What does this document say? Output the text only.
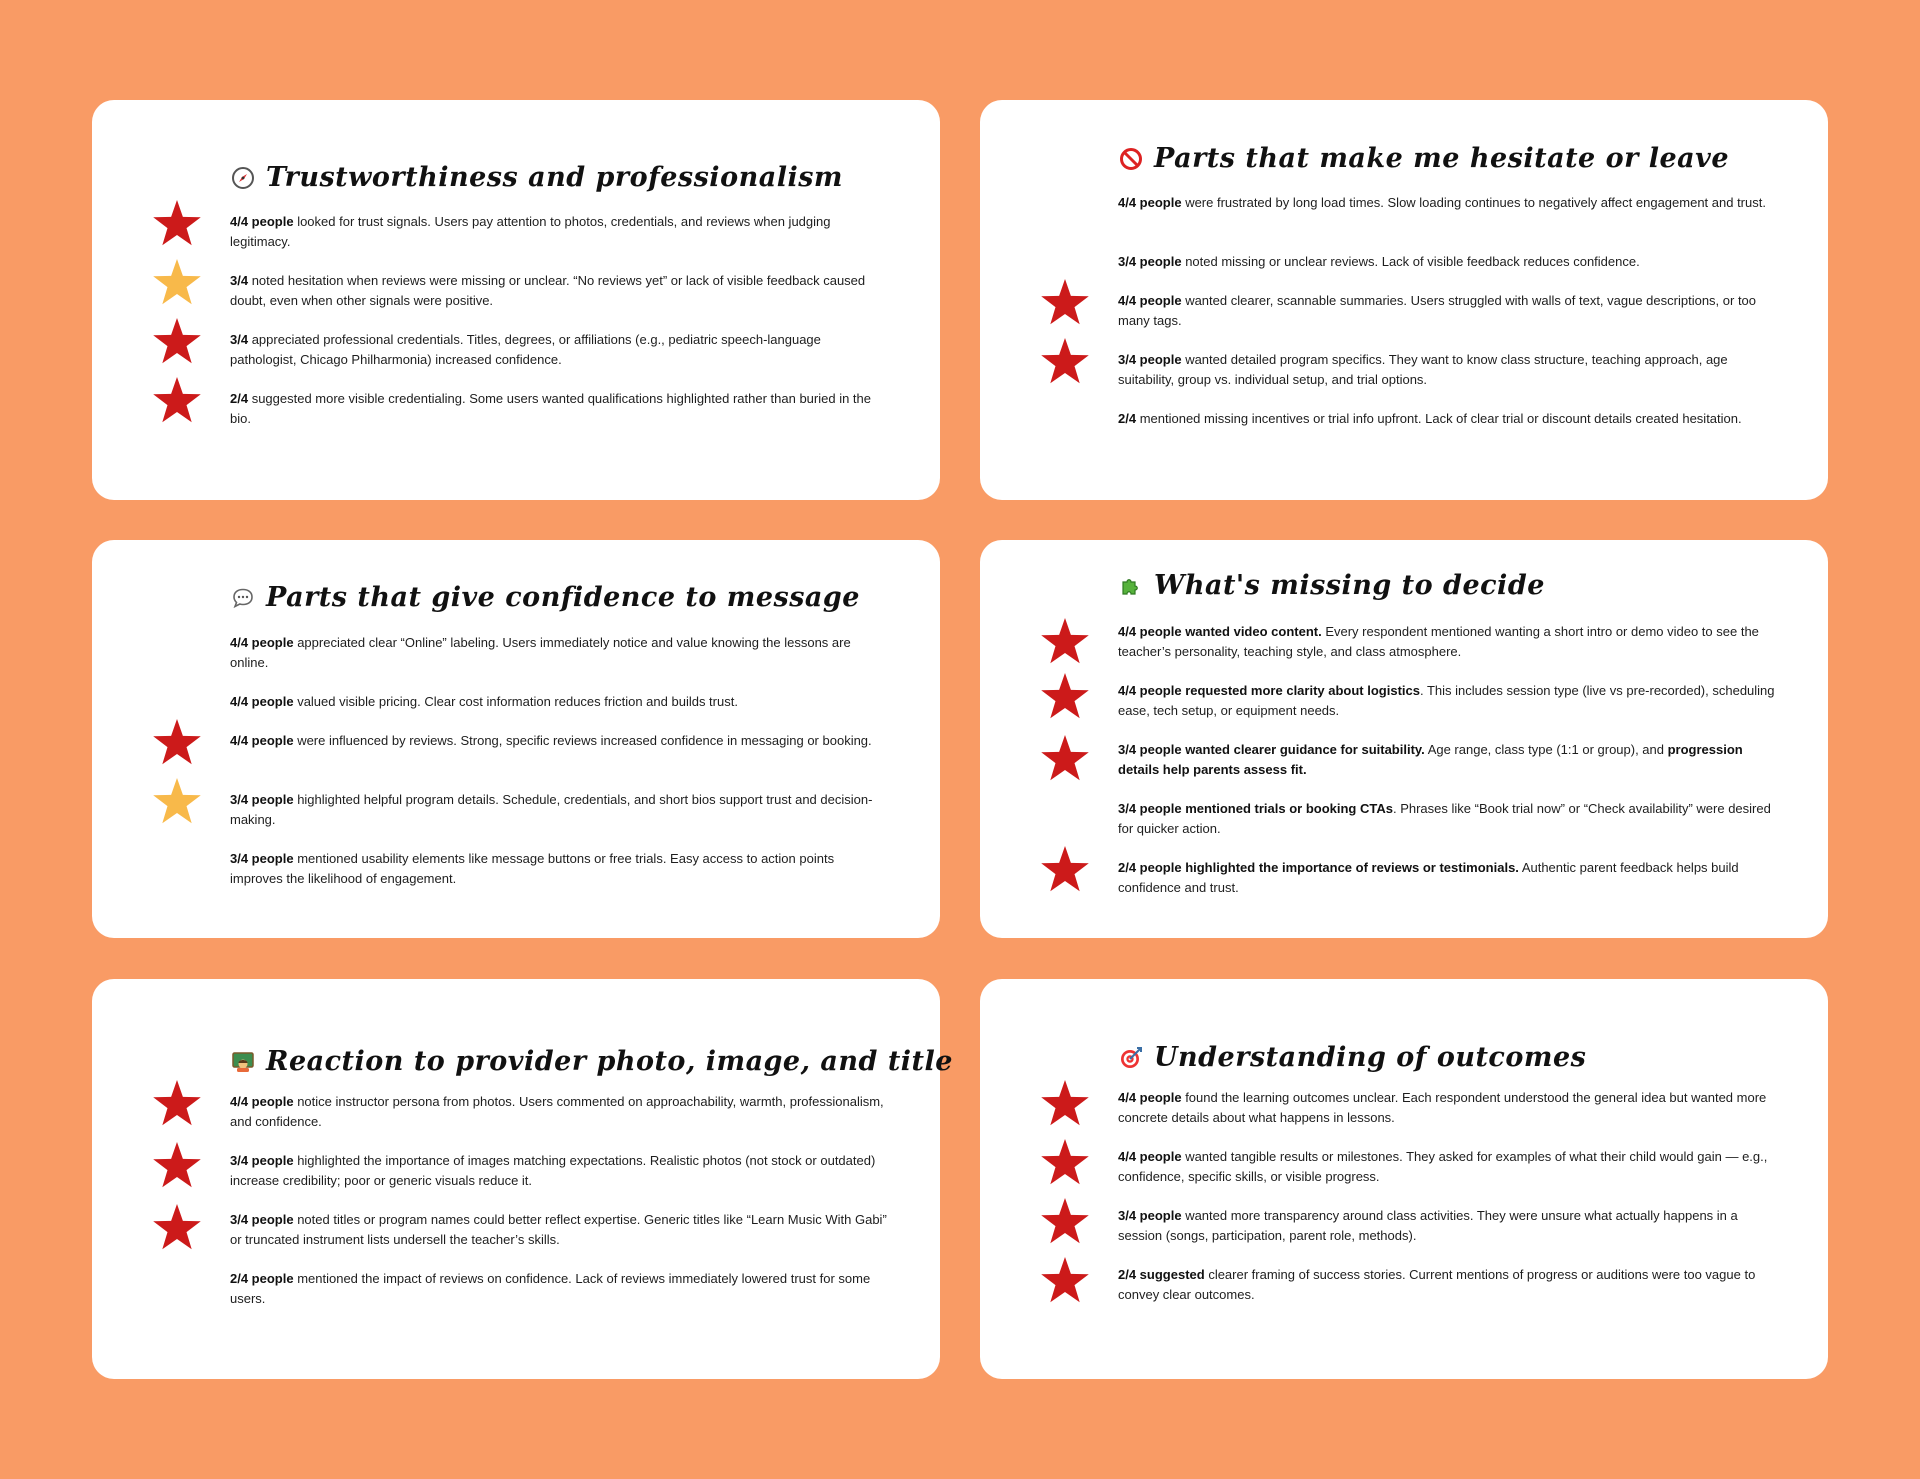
Trustworthiness and professionalism
4/4 people looked for trust signals. Users pay attention to photos, credentials, and reviews when judging legitimacy.
3/4 noted hesitation when reviews were missing or unclear. “No reviews yet” or lack of visible feedback caused doubt, even when other signals were positive.
3/4 appreciated professional credentials. Titles, degrees, or affiliations (e.g., pediatric speech-language pathologist, Chicago Philharmonia) increased confidence.
2/4 suggested more visible credentialing. Some users wanted qualifications highlighted rather than buried in the bio.
Parts that make me hesitate or leave
4/4 people were frustrated by long load times. Slow loading continues to negatively affect engagement and trust.
3/4 people noted missing or unclear reviews. Lack of visible feedback reduces confidence.
4/4 people wanted clearer, scannable summaries. Users struggled with walls of text, vague descriptions, or too many tags.
3/4 people wanted detailed program specifics. They want to know class structure, teaching approach, age suitability, group vs. individual setup, and trial options.
2/4 mentioned missing incentives or trial info upfront. Lack of clear trial or discount details created hesitation.
Parts that give confidence to message
4/4 people appreciated clear “Online” labeling. Users immediately notice and value knowing the lessons are online.
4/4 people valued visible pricing. Clear cost information reduces friction and builds trust.
4/4 people were influenced by reviews. Strong, specific reviews increased confidence in messaging or booking.
3/4 people highlighted helpful program details. Schedule, credentials, and short bios support trust and decision-making.
3/4 people mentioned usability elements like message buttons or free trials. Easy access to action points improves the likelihood of engagement.
What's missing to decide
4/4 people wanted video content. Every respondent mentioned wanting a short intro or demo video to see the teacher’s personality, teaching style, and class atmosphere.
4/4 people requested more clarity about logistics. This includes session type (live vs pre-recorded), scheduling ease, tech setup, or equipment needs.
3/4 people wanted clearer guidance for suitability. Age range, class type (1:1 or group), and progression details help parents assess fit.
3/4 people mentioned trials or booking CTAs. Phrases like “Book trial now” or “Check availability” were desired for quicker action.
2/4 people highlighted the importance of reviews or testimonials. Authentic parent feedback helps build confidence and trust.
Reaction to provider photo, image, and title
4/4 people notice instructor persona from photos. Users commented on approachability, warmth, professionalism, and confidence.
3/4 people highlighted the importance of images matching expectations. Realistic photos (not stock or outdated) increase credibility; poor or generic visuals reduce it.
3/4 people noted titles or program names could better reflect expertise. Generic titles like “Learn Music With Gabi” or truncated instrument lists undersell the teacher’s skills.
2/4 people mentioned the impact of reviews on confidence. Lack of reviews immediately lowered trust for some users.
Understanding of outcomes
4/4 people found the learning outcomes unclear. Each respondent understood the general idea but wanted more concrete details about what happens in lessons.
4/4 people wanted tangible results or milestones. They asked for examples of what their child would gain — e.g., confidence, specific skills, or visible progress.
3/4 people wanted more transparency around class activities. They were unsure what actually happens in a session (songs, participation, parent role, methods).
2/4 suggested clearer framing of success stories. Current mentions of progress or auditions were too vague to convey clear outcomes.
